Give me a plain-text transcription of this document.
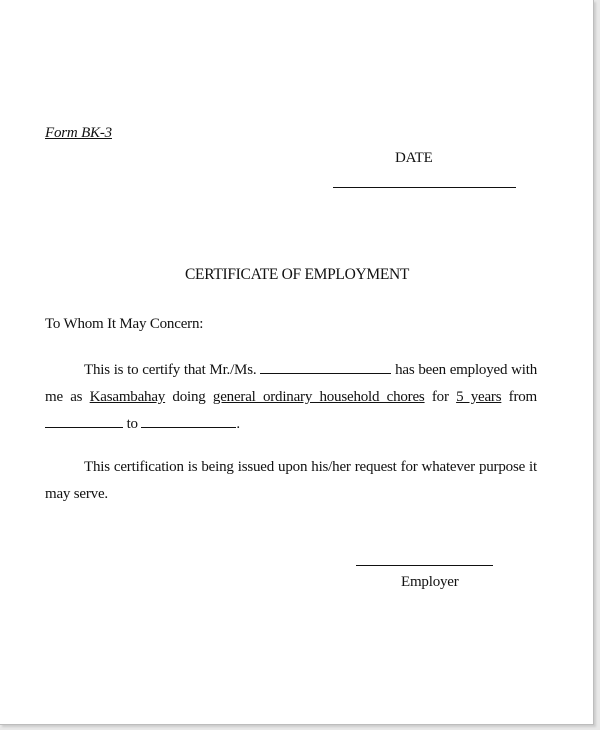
Form BK-3
DATE
CERTIFICATE OF EMPLOYMENT
To Whom It May Concern:
This is to certify that Mr./Ms.	has been employed with me as Kasambahay doing general ordinary household chores for 5 years from  to	.
This certification is being issued upon his/her request for whatever purpose it may serve.
Employer
